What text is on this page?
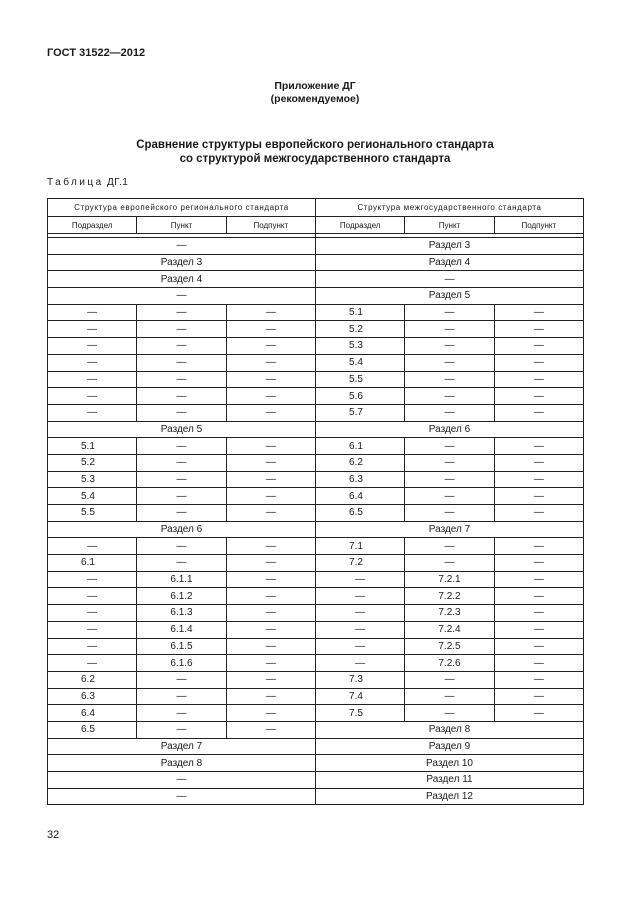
ГОСТ 31522—2012
Приложение ДГ
(рекомендуемое)
Сравнение структуры европейского регионального стандарта
со структурой межгосударственного стандарта
Таблица ДГ.1
Структура европейского регионального стандарта			Структура межгосударственного стандарта		
Подраздел	Пункт	Подпункт	Подраздел	Пункт	Подпункт

—			Раздел 3		
Раздел 3			Раздел 4		
Раздел 4			—		
—			Раздел 5		
—	—	—	5.1	—	—
—	—	—	5.2	—	—
—	—	—	5.3	—	—
—	—	—	5.4	—	—
—	—	—	5.5	—	—
—	—	—	5.6	—	—
—	—	—	5.7	—	—
Раздел 5			Раздел 6		
5.1	—	—	6.1	—	—
5.2	—	—	6.2	—	—
5.3	—	—	6.3	—	—
5.4	—	—	6.4	—	—
5.5	—	—	6.5	—	—
Раздел 6			Раздел 7		
—	—	—	7.1	—	—
6.1	—	—	7.2	—	—
—	6.1.1	—	—	7.2.1	—
—	6.1.2	—	—	7.2.2	—
—	6.1.3	—	—	7.2.3	—
—	6.1.4	—	—	7.2.4	—
—	6.1.5	—	—	7.2.5	—
—	6.1.6	—	—	7.2.6	—
6.2	—	—	7.3	—	—
6.3	—	—	7.4	—	—
6.4	—	—	7.5	—	—
6.5	—	—	Раздел 8		
Раздел 7			Раздел 9		
Раздел 8			Раздел 10		
—			Раздел 11		
—			Раздел 12		
32
